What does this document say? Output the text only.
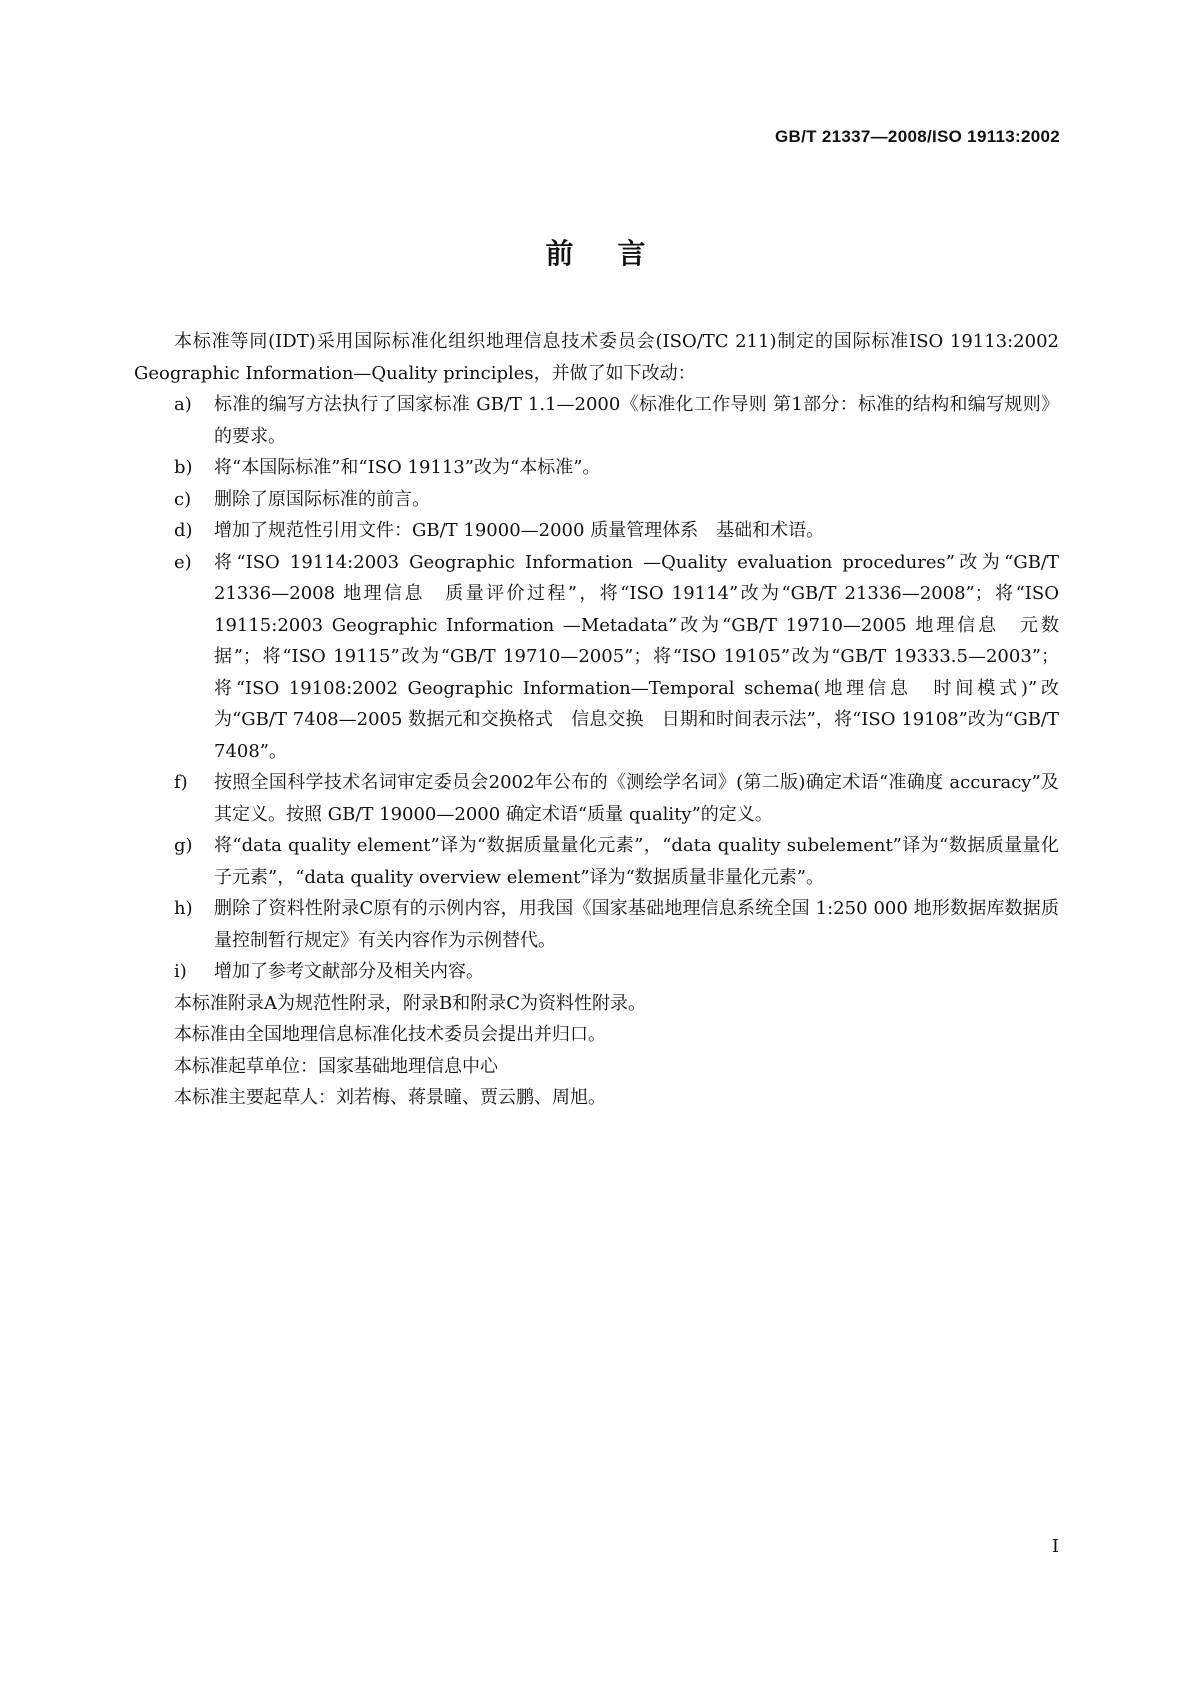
GB/T 21337—2008/ISO 19113:2002
前言

本标准等同(IDT)采用国际标准化组织地理信息技术委员会(ISO/TC 211)制定的国际标准ISO 19113:2002 Geographic Information—Quality principles，并做了如下改动：

a)	标准的编写方法执行了国家标准 GB/T 1.1—2000《标准化工作导则 第1部分：标准的结构和编写规则》的要求。
b)	将“本国际标准”和“ISO 19113”改为“本标准”。
c)	删除了原国际标准的前言。
d)	增加了规范性引用文件：GB/T 19000—2000 质量管理体系　基础和术语。
e)	将“ISO 19114:2003 Geographic Information —Quality evaluation procedures”改为“GB/T 21336—2008 地理信息　质量评价过程”，将“ISO 19114”改为“GB/T 21336—2008”；将“ISO 19115:2003 Geographic Information —Metadata”改为“GB/T 19710—2005 地理信息　元数据”；将“ISO 19115”改为“GB/T 19710—2005”；将“ISO 19105”改为“GB/T 19333.5—2003”；将“ISO 19108:2002 Geographic Information—Temporal schema(地理信息　时间模式)”改为“GB/T 7408—2005 数据元和交换格式　信息交换　日期和时间表示法”，将“ISO 19108”改为“GB/T 7408”。
f)	按照全国科学技术名词审定委员会2002年公布的《测绘学名词》(第二版)确定术语“准确度 accuracy”及其定义。按照 GB/T 19000—2000 确定术语“质量 quality”的定义。
g)	将“data quality element”译为“数据质量量化元素”，“data quality subelement”译为“数据质量量化子元素”，“data quality overview element”译为“数据质量非量化元素”。
h)	删除了资料性附录C原有的示例内容，用我国《国家基础地理信息系统全国 1:250 000 地形数据库数据质量控制暂行规定》有关内容作为示例替代。
i)	增加了参考文献部分及相关内容。

本标准附录A为规范性附录，附录B和附录C为资料性附录。

本标准由全国地理信息标准化技术委员会提出并归口。

本标准起草单位：国家基础地理信息中心

本标准主要起草人：刘若梅、蒋景曈、贾云鹏、周旭。

I
